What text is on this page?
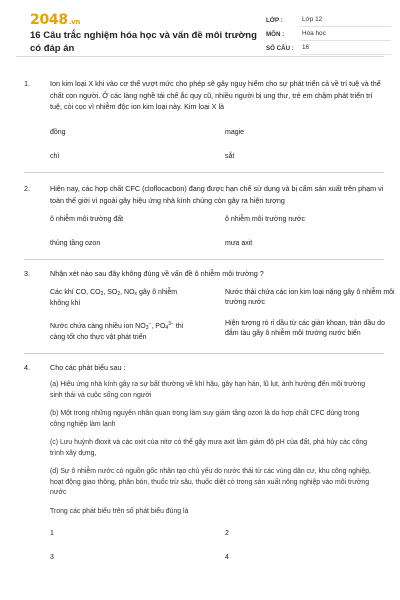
2048.vn
16 Câu trắc nghiệm hóa học và vấn đề môi trường có đáp án
LỚP :	Lớp 12
MÔN :	Hóa học
SỐ CÂU :	16
1.	Ion kim loại X khi vào cơ thể vượt mức cho phép sẽ gây nguy hiểm cho sự phát triển cả về trí tuệ và thể chất con người. Ở các làng nghề tái chế ắc quy cũ, nhiều người bị ung thư, trẻ em chậm phát triển trí tuệ, còi cọc vì nhiễm độc ion kim loại này. Kim loại X là
đồng	magie
chì	sắt
2.	Hiện nay, các hợp chất CFC (cloflocacbon) đang được hạn chế sử dụng và bị cấm sản xuất trên phạm vi toàn thế giới vì ngoài gây hiệu ứng nhà kính chúng còn gây ra hiện tượng
ô nhiễm môi trường đất	ô nhiễm môi trường nước
thủng tầng ozon	mưa axit
3.	Nhận xét nào sau đây không đúng về vấn đề ô nhiễm môi trường ?
Các khí CO, $CO_2$, $SO_2$, $NO_x$ gây ô nhiễm không khí
Nước thải chứa các ion kim loại nặng gây ô nhiễm môi trường nước
Nước chứa càng nhiều ion $NO_3^-$, $PO_4^{3-}$ thì càng tốt cho thực vật phát triển
Hiện tượng rò rỉ dầu từ các giàn khoan, tràn dầu do đắm tàu gây ô nhiễm môi trường nước biển
4.	Cho các phát biểu sau :
(a) Hiệu ứng nhà kính gây ra sự bất thường về khí hậu, gây hạn hán, lũ lụt, ảnh hưởng đến môi trường sinh thái và cuộc sống con người
(b) Một trong những nguyên nhân quan trọng làm suy giảm tầng ozon là do hợp chất CFC dùng trong công nghiệp làm lạnh
(c) Lưu huỳnh đioxit và các oxit của nitơ có thể gây mưa axit làm giảm độ pH của đất, phá hủy các công trình xây dựng,
(d) Sự ô nhiễm nước có nguồn gốc nhân tạo chủ yếu do nước thải từ các vùng dân cư, khu công nghiệp, hoạt động giao thông, phân bón, thuốc trừ sâu, thuốc diệt cỏ trong sản xuất nông nghiệp vào môi trường nước
Trong các phát biểu trên số phát biểu đúng là
1	2
3	4
